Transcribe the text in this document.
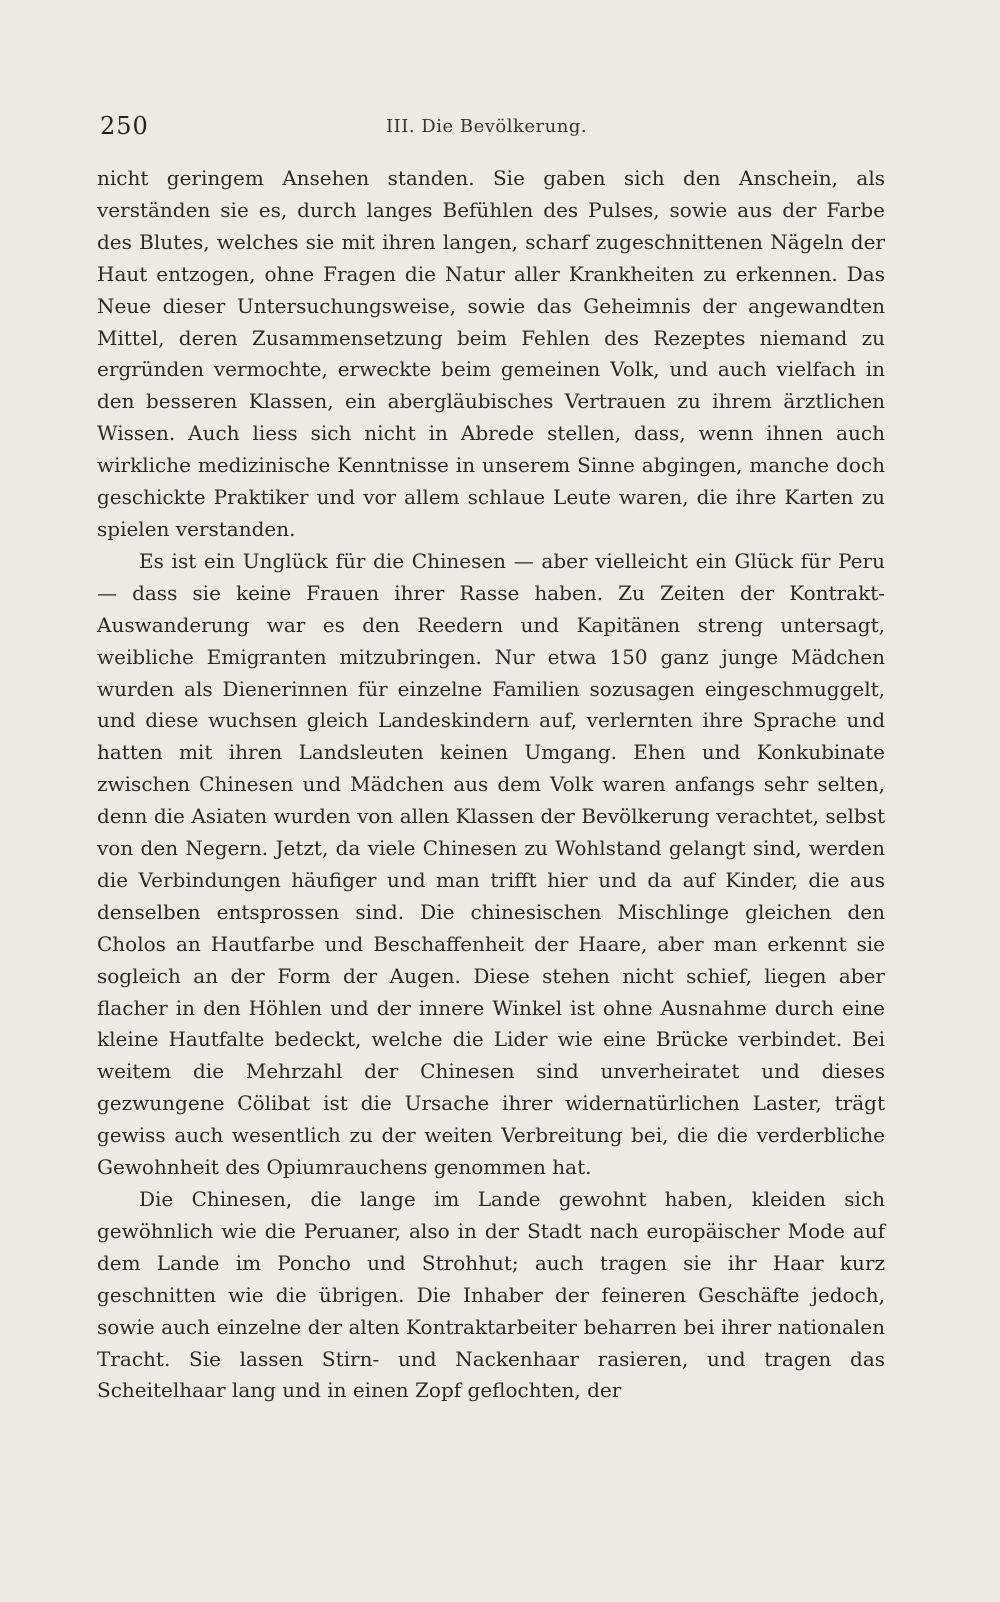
250	III. Die Bevölkerung.

nicht geringem Ansehen standen. Sie gaben sich den Anschein, als verständen sie es, durch langes Befühlen des Pulses, sowie aus der Farbe des Blutes, welches sie mit ihren langen, scharf zugeschnittenen Nägeln der Haut entzogen, ohne Fragen die Natur aller Krankheiten zu erkennen. Das Neue dieser Untersuchungsweise, sowie das Geheimnis der angewandten Mittel, deren Zusammensetzung beim Fehlen des Rezeptes niemand zu ergründen vermochte, erweckte beim gemeinen Volk, und auch vielfach in den besseren Klassen, ein abergläubisches Vertrauen zu ihrem ärztlichen Wissen. Auch liess sich nicht in Abrede stellen, dass, wenn ihnen auch wirkliche medizinische Kenntnisse in unserem Sinne abgingen, manche doch geschickte Praktiker und vor allem schlaue Leute waren, die ihre Karten zu spielen verstanden.

Es ist ein Unglück für die Chinesen — aber vielleicht ein Glück für Peru — dass sie keine Frauen ihrer Rasse haben. Zu Zeiten der Kontrakt-Auswanderung war es den Reedern und Kapitänen streng untersagt, weibliche Emigranten mitzubringen. Nur etwa 150 ganz junge Mädchen wurden als Dienerinnen für einzelne Familien sozusagen eingeschmuggelt, und diese wuchsen gleich Landeskindern auf, verlernten ihre Sprache und hatten mit ihren Landsleuten keinen Umgang. Ehen und Konkubinate zwischen Chinesen und Mädchen aus dem Volk waren anfangs sehr selten, denn die Asiaten wurden von allen Klassen der Bevölkerung verachtet, selbst von den Negern. Jetzt, da viele Chinesen zu Wohlstand gelangt sind, werden die Verbindungen häufiger und man trifft hier und da auf Kinder, die aus denselben entsprossen sind. Die chinesischen Mischlinge gleichen den Cholos an Hautfarbe und Beschaffenheit der Haare, aber man erkennt sie sogleich an der Form der Augen. Diese stehen nicht schief, liegen aber flacher in den Höhlen und der innere Winkel ist ohne Ausnahme durch eine kleine Hautfalte bedeckt, welche die Lider wie eine Brücke verbindet. Bei weitem die Mehrzahl der Chinesen sind unverheiratet und dieses gezwungene Cölibat ist die Ursache ihrer widernatürlichen Laster, trägt gewiss auch wesentlich zu der weiten Verbreitung bei, die die verderbliche Gewohnheit des Opiumrauchens genommen hat.

Die Chinesen, die lange im Lande gewohnt haben, kleiden sich gewöhnlich wie die Peruaner, also in der Stadt nach europäischer Mode auf dem Lande im Poncho und Strohhut; auch tragen sie ihr Haar kurz geschnitten wie die übrigen. Die Inhaber der feineren Geschäfte jedoch, sowie auch einzelne der alten Kontraktarbeiter beharren bei ihrer nationalen Tracht. Sie lassen Stirn- und Nackenhaar rasieren, und tragen das Scheitelhaar lang und in einen Zopf geflochten, der
